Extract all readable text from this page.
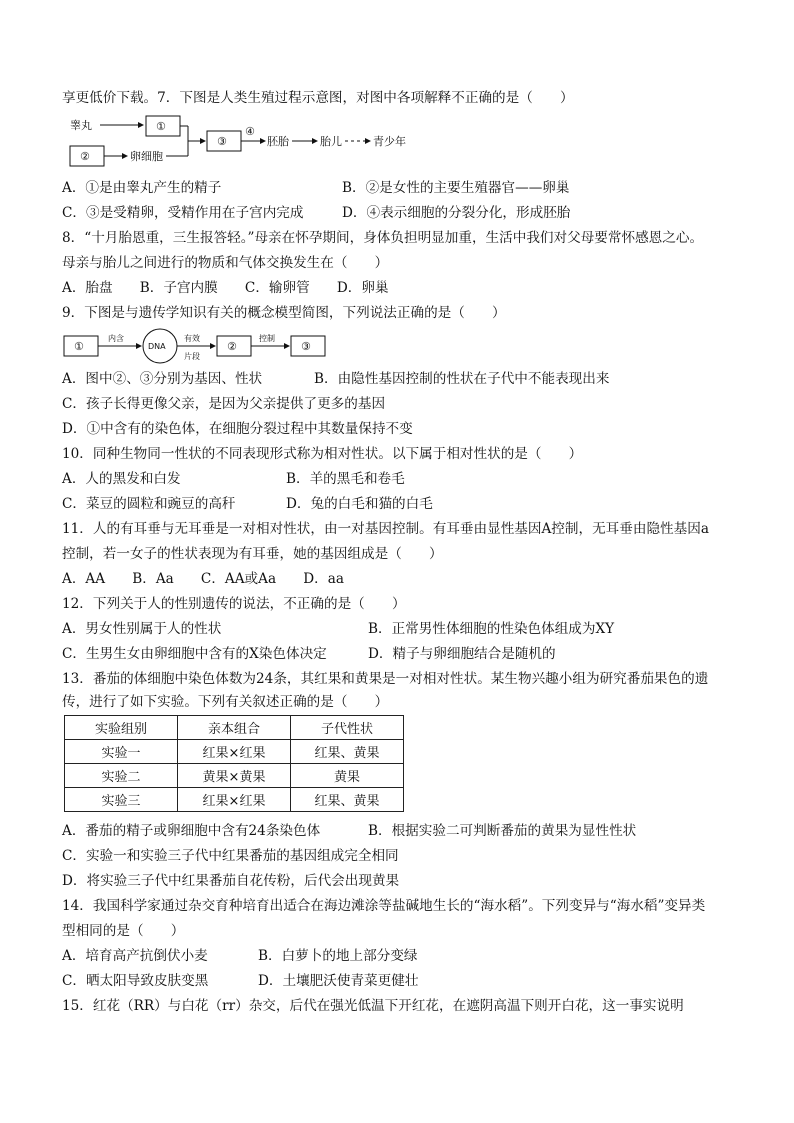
享更低价下载。7．下图是人类生殖过程示意图，对图中各项解释不正确的是（　　）
睾丸	①
②	卵细胞
③
④
胚胎	胎儿	青少年
A．①是由睾丸产生的精子	B．②是女性的主要生殖器官——卵巢
C．③是受精卵，受精作用在子宫内完成	D．④表示细胞的分裂分化，形成胚胎
8．“十月胎恩重，三生报答轻。”母亲在怀孕期间，身体负担明显加重，生活中我们对父母要常怀感恩之心。
母亲与胎儿之间进行的物质和气体交换发生在（　　）
A．胎盘　　B．子宫内膜　　C．输卵管　　D．卵巢
9．下图是与遗传学知识有关的概念模型简图，下列说法正确的是（　　）
①
内含
DNA
有效
片段
②
控制
③
A．图中②、③分别为基因、性状	B．由隐性基因控制的性状在子代中不能表现出来
C．孩子长得更像父亲，是因为父亲提供了更多的基因
D．①中含有的染色体，在细胞分裂过程中其数量保持不变
10．同种生物同一性状的不同表现形式称为相对性状。以下属于相对性状的是（　　）
A．人的黑发和白发	B．羊的黑毛和卷毛
C．菜豆的圆粒和豌豆的高秆	D．兔的白毛和猫的白毛
11．人的有耳垂与无耳垂是一对相对性状，由一对基因控制。有耳垂由显性基因A控制，无耳垂由隐性基因a
控制，若一女子的性状表现为有耳垂，她的基因组成是（　　）
A．AA　　B．Aa　　C．AA或Aa　　D．aa
12．下列关于人的性别遗传的说法，不正确的是（　　）
A．男女性别属于人的性状	B．正常男性体细胞的性染色体组成为XY
C．生男生女由卵细胞中含有的X染色体决定	D．精子与卵细胞结合是随机的
13．番茄的体细胞中染色体数为24条，其红果和黄果是一对相对性状。某生物兴趣小组为研究番茄果色的遗
传，进行了如下实验。下列有关叙述正确的是（　　）
实验组别	亲本组合	子代性状
实验一	红果×红果	红果、黄果
实验二	黄果×黄果	黄果
实验三	红果×红果	红果、黄果
A．番茄的精子或卵细胞中含有24条染色体	B．根据实验二可判断番茄的黄果为显性性状
C．实验一和实验三子代中红果番茄的基因组成完全相同
D．将实验三子代中红果番茄自花传粉，后代会出现黄果
14．我国科学家通过杂交育种培育出适合在海边滩涂等盐碱地生长的“海水稻”。下列变异与“海水稻”变异类
型相同的是（　　）
A．培育高产抗倒伏小麦	B．白萝卜的地上部分变绿
C．晒太阳导致皮肤变黑	D．土壤肥沃使青菜更健壮
15．红花（RR）与白花（rr）杂交，后代在强光低温下开红花，在遮阴高温下则开白花，这一事实说明
